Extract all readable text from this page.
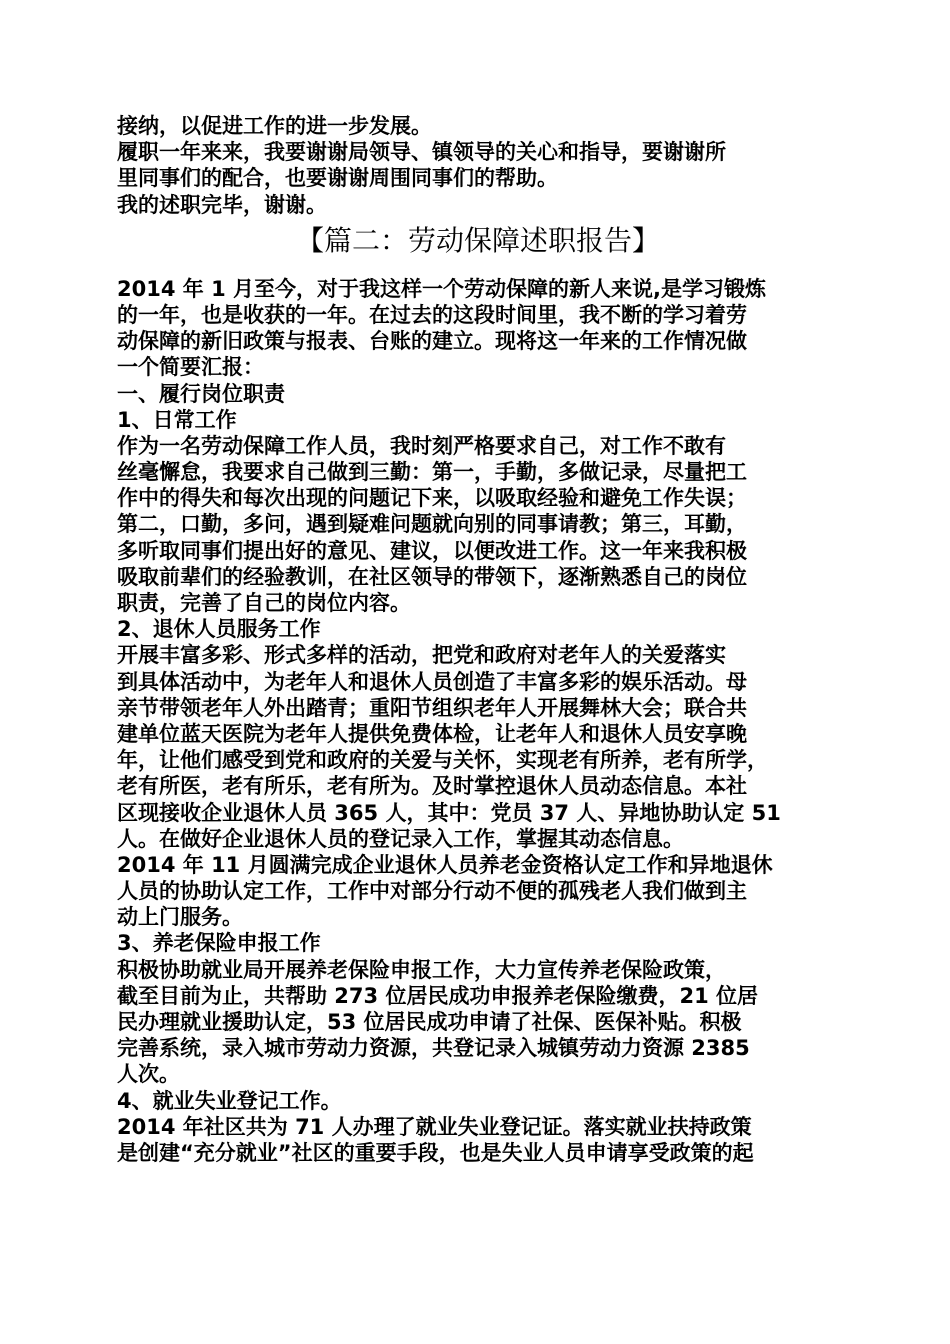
接纳，以促进工作的进一步发展。
履职一年来来，我要谢谢局领导、镇领导的关心和指导，要谢谢所
里同事们的配合，也要谢谢周围同事们的帮助。
我的述职完毕，谢谢。
【篇二：劳动保障述职报告】
2014 年 1 月至今，对于我这样一个劳动保障的新人来说,是学习锻炼
的一年，也是收获的一年。在过去的这段时间里，我不断的学习着劳
动保障的新旧政策与报表、台账的建立。现将这一年来的工作情况做
一个简要汇报：
一、履行岗位职责
1、日常工作
作为一名劳动保障工作人员，我时刻严格要求自己，对工作不敢有
丝毫懈怠，我要求自己做到三勤：第一，手勤，多做记录，尽量把工
作中的得失和每次出现的问题记下来，以吸取经验和避免工作失误；
第二，口勤，多问，遇到疑难问题就向别的同事请教；第三，耳勤，
多听取同事们提出好的意见、建议，以便改进工作。这一年来我积极
吸取前辈们的经验教训，在社区领导的带领下，逐渐熟悉自己的岗位
职责，完善了自己的岗位内容。
2、退休人员服务工作
开展丰富多彩、形式多样的活动，把党和政府对老年人的关爱落实
到具体活动中，为老年人和退休人员创造了丰富多彩的娱乐活动。母
亲节带领老年人外出踏青；重阳节组织老年人开展舞林大会；联合共
建单位蓝天医院为老年人提供免费体检，让老年人和退休人员安享晚
年，让他们感受到党和政府的关爱与关怀，实现老有所养，老有所学，
老有所医，老有所乐，老有所为。及时掌控退休人员动态信息。本社
区现接收企业退休人员 365 人，其中：党员 37 人、异地协助认定 51
人。在做好企业退休人员的登记录入工作，掌握其动态信息。
2014 年 11 月圆满完成企业退休人员养老金资格认定工作和异地退休
人员的协助认定工作，工作中对部分行动不便的孤残老人我们做到主
动上门服务。
3、养老保险申报工作
积极协助就业局开展养老保险申报工作，大力宣传养老保险政策，
截至目前为止，共帮助 273 位居民成功申报养老保险缴费，21 位居
民办理就业援助认定，53 位居民成功申请了社保、医保补贴。积极
完善系统，录入城市劳动力资源，共登记录入城镇劳动力资源 2385
人次。
4、就业失业登记工作。
2014 年社区共为 71 人办理了就业失业登记证。落实就业扶持政策
是创建“充分就业”社区的重要手段，也是失业人员申请享受政策的起
